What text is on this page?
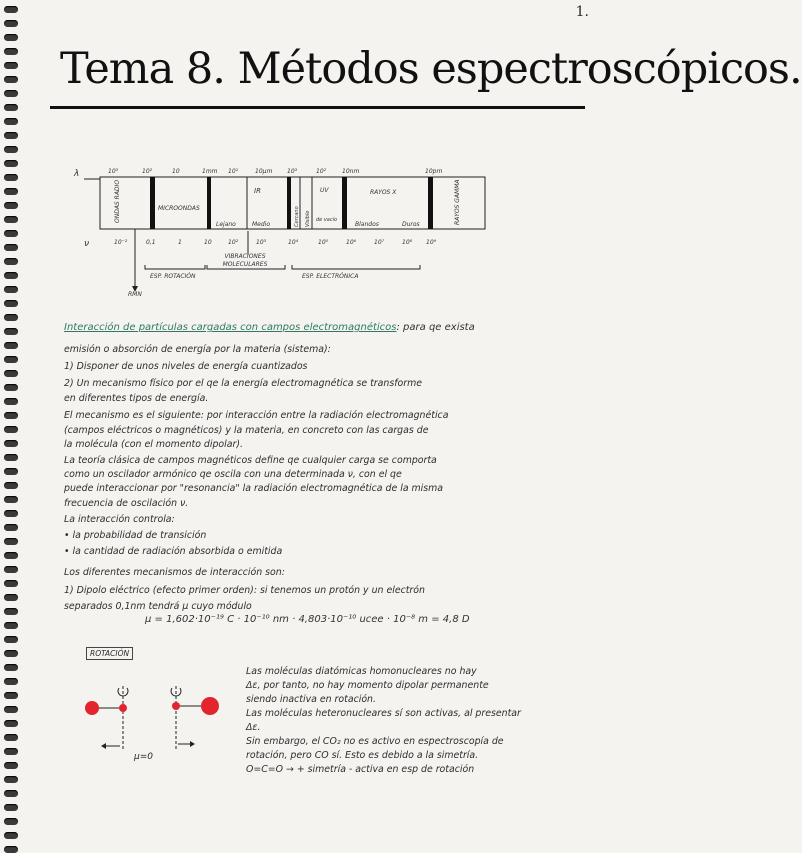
1.
Tema 8. Métodos espectroscópicos.
λ
ν
10³	10²	10	1mm 10¹	10µm 10³	10²	10nm	10pm
ONDAS RADIO	MICROONDAS
Lejano
IR
Medio	Cercano Visible
UV
de vacío
Blandos
RAYOS X
Duros	RAYOS GAMMA
10⁻²	0,1	1	10	10²	10³	10⁴	10⁵	10⁶	10⁷	10⁸ 10⁹
VIBRACIONES MOLECULARES
ESP. ROTACIÓN	ESP. ELECTRÓNICA
RMN
Interacción de partículas cargadas con campos electromagnéticos: para qe exista
emisión o absorción de energía por la materia (sistema):
1) Disponer de unos niveles de energía cuantizados
2) Un mecanismo físico por el qe la energía electromagnética se transforme
en diferentes tipos de energía.
El mecanismo es el siguiente: por interacción entre la radiación electromagnética
(campos eléctricos o magnéticos) y la materia, en concreto con las cargas de
la molécula (con el momento dipolar).
La teoría clásica de campos magnéticos define qe cualquier carga se comporta
como un oscilador armónico qe oscila con una determinada ν, con el qe
puede interaccionar por "resonancia" la radiación electromagnética de la misma
frecuencia de oscilación ν.
La interacción controla:
• la probabilidad de transición
• la cantidad de radiación absorbida o emitida
Los diferentes mecanismos de interacción son:
1) Dipolo eléctrico (efecto primer orden): si tenemos un protón y un electrón
separados 0,1nm tendrá µ cuyo módulo
µ = 1,602·10⁻¹⁹ C · 10⁻¹⁰ nm · 4,803·10⁻¹⁰ ucee · 10⁻⁸ m = 4,8 D
ROTACIÓN
µ=0
Las moléculas diatómicas homonucleares no hay
Δε, por tanto, no hay momento dipolar permanente
siendo inactiva en rotación.
Las moléculas heteronucleares sí son activas, al presentar
Δε.
Sin embargo, el CO₂ no es activo en espectroscopía de
rotación, pero CO sí. Esto es debido a la simetría.
O=C=O → + simetría - activa en esp de rotación
